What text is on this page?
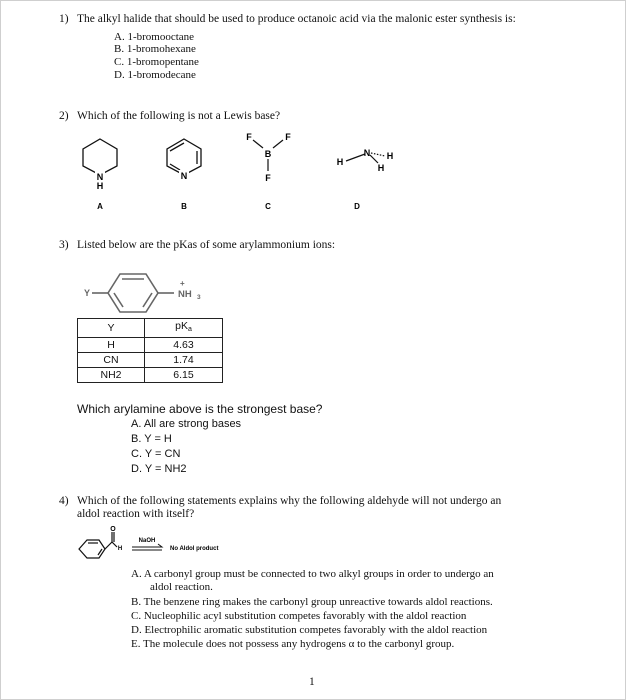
1) The alkyl halide that should be used to produce octanoic acid via the malonic ester synthesis is:
A. 1-bromooctane
B. 1-bromohexane
C. 1-bromopentane
D. 1-bromodecane
2) Which of the following is not a Lewis base?
N
H
A
N
B
F	F
B
F
C
H
N H
H
D
3) Listed below are the pKas of some arylammonium ions:
Y	NH 3
+
Y	pKa
H	4.63
CN	1.74
NH2	6.15
Which arylamine above is the strongest base?
A. All are strong bases
B. Y = H
C. Y = CN
D. Y = NH2
4) Which of the following statements explains why the following aldehyde will not undergo an
aldol reaction with itself?
O
H
NaOH
No Aldol product
A. A carbonyl group must be connected to two alkyl groups in order to undergo an
aldol reaction.
B. The benzene ring makes the carbonyl group unreactive towards aldol reactions.
C. Nucleophilic acyl substitution competes favorably with the aldol reaction
D. Electrophilic aromatic substitution competes favorably with the aldol reaction
E. The molecule does not possess any hydrogens α to the carbonyl group.
1
